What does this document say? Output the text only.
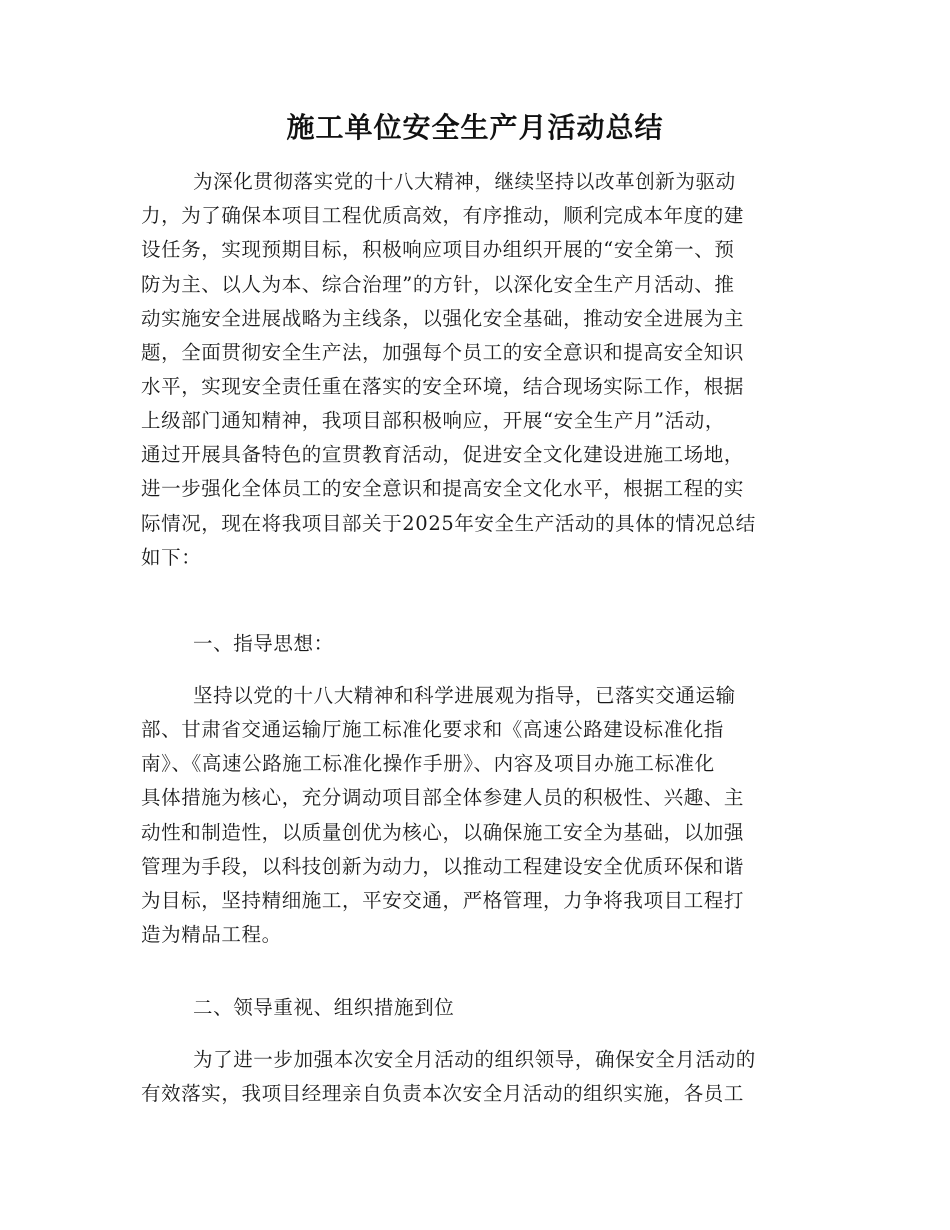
施工单位安全生产月活动总结
为深化贯彻落实党的十八大精神，继续坚持以改革创新为驱动
力，为了确保本项目工程优质高效，有序推动，顺利完成本年度的建
设任务，实现预期目标，积极响应项目办组织开展的“安全第一、预
防为主、以人为本、综合治理”的方针，以深化安全生产月活动、推
动实施安全进展战略为主线条，以强化安全基础，推动安全进展为主
题，全面贯彻安全生产法，加强每个员工的安全意识和提高安全知识
水平，实现安全责任重在落实的安全环境，结合现场实际工作，根据
上级部门通知精神，我项目部积极响应，开展“安全生产月”活动，
通过开展具备特色的宣贯教育活动，促进安全文化建设进施工场地，
进一步强化全体员工的安全意识和提高安全文化水平，根据工程的实
际情况，现在将我项目部关于2025年安全生产活动的具体的情况总结
如下：
一、指导思想：
坚持以党的十八大精神和科学进展观为指导，已落实交通运输
部、甘肃省交通运输厅施工标准化要求和《高速公路建设标准化指
南》、《高速公路施工标准化操作手册》、内容及项目办施工标准化
具体措施为核心，充分调动项目部全体参建人员的积极性、兴趣、主
动性和制造性，以质量创优为核心，以确保施工安全为基础，以加强
管理为手段，以科技创新为动力，以推动工程建设安全优质环保和谐
为目标，坚持精细施工，平安交通，严格管理，力争将我项目工程打
造为精品工程。
二、领导重视、组织措施到位
为了进一步加强本次安全月活动的组织领导，确保安全月活动的
有效落实，我项目经理亲自负责本次安全月活动的组织实施，各员工
